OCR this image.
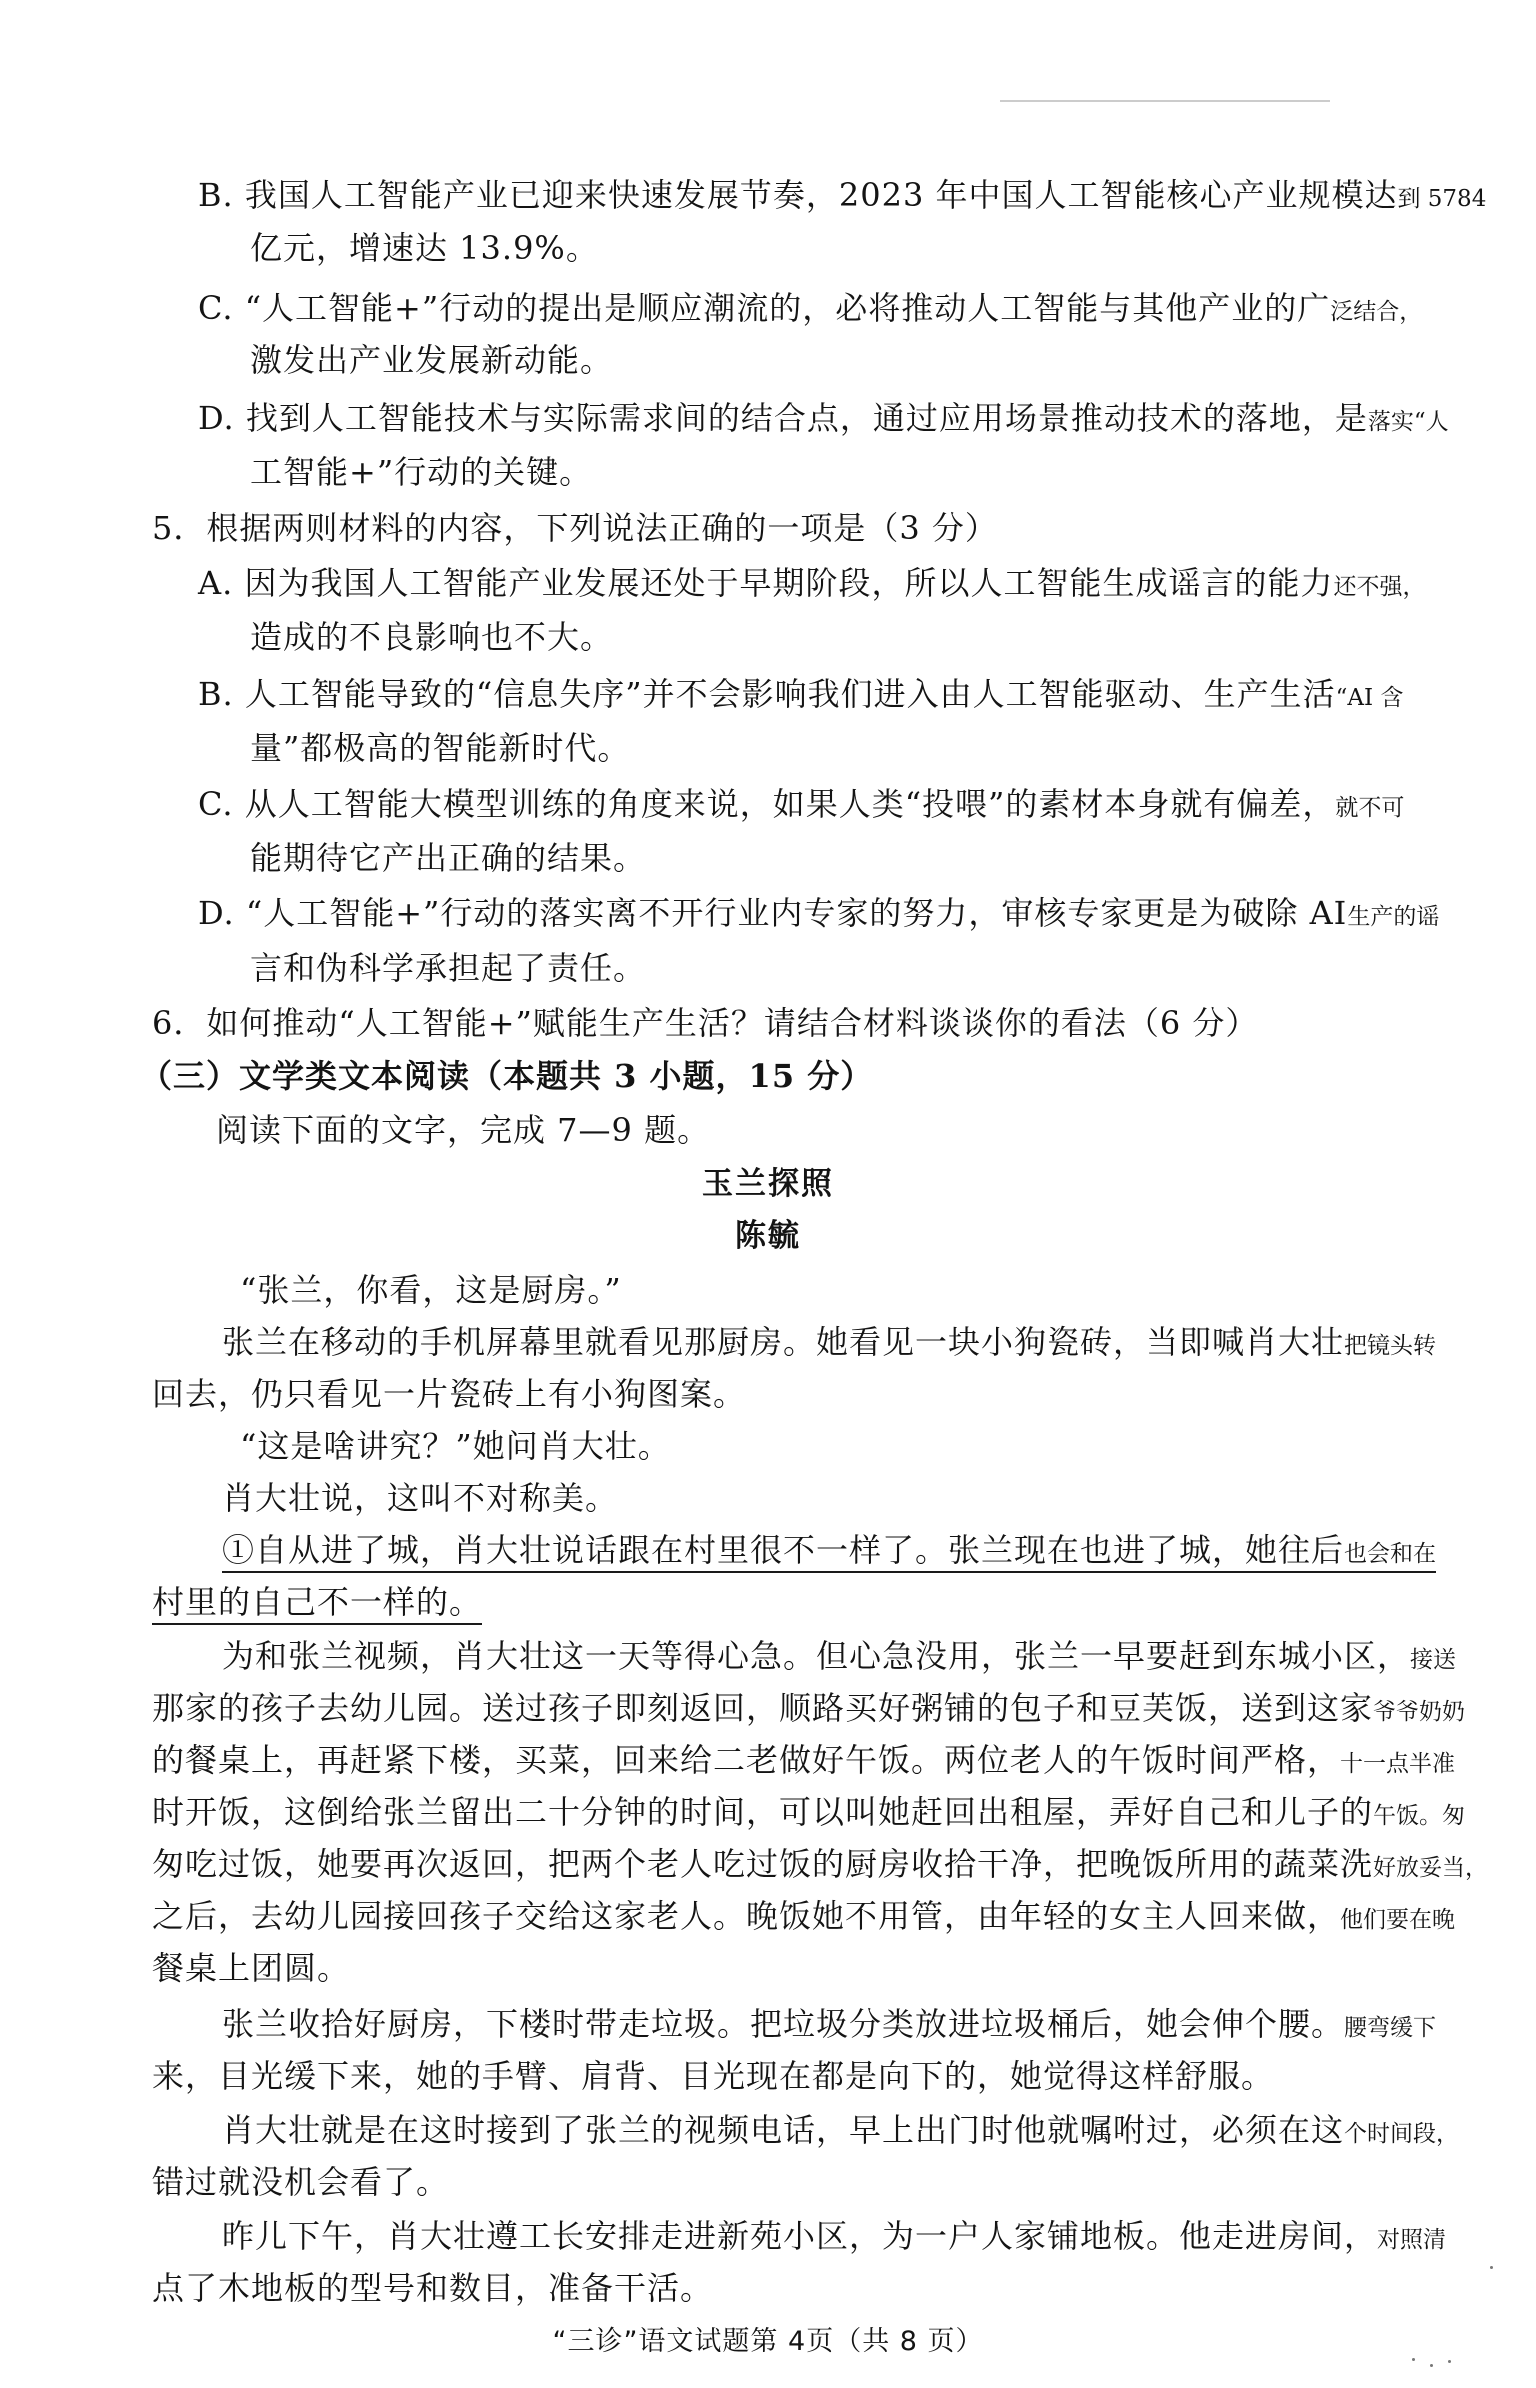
B. 我国人工智能产业已迎来快速发展节奏，2023 年中国人工智能核心产业规模达到 5784
亿元，增速达 13.9%。
C. “人工智能+”行动的提出是顺应潮流的，必将推动人工智能与其他产业的广泛结合，
激发出产业发展新动能。
D. 找到人工智能技术与实际需求间的结合点，通过应用场景推动技术的落地，是落实“人
工智能+”行动的关键。
5．根据两则材料的内容，下列说法正确的一项是（3 分）
A. 因为我国人工智能产业发展还处于早期阶段，所以人工智能生成谣言的能力还不强，
造成的不良影响也不大。
B. 人工智能导致的“信息失序”并不会影响我们进入由人工智能驱动、生产生活“AI 含
量”都极高的智能新时代。
C. 从人工智能大模型训练的角度来说，如果人类“投喂”的素材本身就有偏差，就不可
能期待它产出正确的结果。
D. “人工智能+”行动的落实离不开行业内专家的努力，审核专家更是为破除 AI生产的谣
言和伪科学承担起了责任。
6．如何推动“人工智能+”赋能生产生活？请结合材料谈谈你的看法（6 分）
（三）文学类文本阅读（本题共 3 小题，15 分）
阅读下面的文字，完成 7—9 题。
玉兰探照
陈毓
“张兰，你看，这是厨房。”
张兰在移动的手机屏幕里就看见那厨房。她看见一块小狗瓷砖，当即喊肖大壮把镜头转
回去，仍只看见一片瓷砖上有小狗图案。
“这是啥讲究？”她问肖大壮。
肖大壮说，这叫不对称美。
①自从进了城，肖大壮说话跟在村里很不一样了。张兰现在也进了城，她往后也会和在
村里的自己不一样的。
为和张兰视频，肖大壮这一天等得心急。但心急没用，张兰一早要赶到东城小区，接送
那家的孩子去幼儿园。送过孩子即刻返回，顺路买好粥铺的包子和豆芙饭，送到这家爷爷奶奶
的餐桌上，再赶紧下楼，买菜，回来给二老做好午饭。两位老人的午饭时间严格，十一点半准
时开饭，这倒给张兰留出二十分钟的时间，可以叫她赶回出租屋，弄好自己和儿子的午饭。匆
匆吃过饭，她要再次返回，把两个老人吃过饭的厨房收拾干净，把晚饭所用的蔬菜洗好放妥当，
之后，去幼儿园接回孩子交给这家老人。晚饭她不用管，由年轻的女主人回来做，他们要在晚
餐桌上团圆。
张兰收拾好厨房，下楼时带走垃圾。把垃圾分类放进垃圾桶后，她会伸个腰。腰弯缓下
来，目光缓下来，她的手臂、肩背、目光现在都是向下的，她觉得这样舒服。
肖大壮就是在这时接到了张兰的视频电话，早上出门时他就嘱咐过，必须在这个时间段，
错过就没机会看了。
昨儿下午，肖大壮遵工长安排走进新苑小区，为一户人家铺地板。他走进房间，对照清
点了木地板的型号和数目，准备干活。
“三诊”语文试题第 4页（共 8 页）
